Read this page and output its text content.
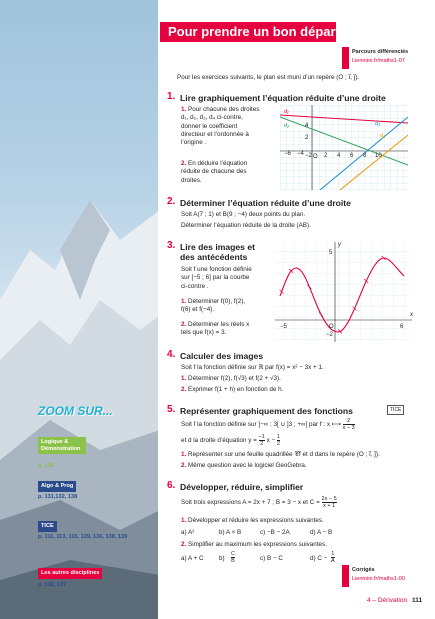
Pour prendre un bon départ
Parcours différenciés
Lienmini.fr/maths1-07
Pour les exercices suivants, le plan est muni d’un repère (O ; i⃗, j⃗).
1. Lire graphiquement l’équation réduite d’une droite
1. Pour chacune des droites
d₁, d₂, d₃, d₄ ci-contre,
donner le coefficient
directeur et l’ordonnée à
l’origine .
2. En déduire l’équation
réduite de chacune des
droites.
−6 −4 −2 O 2 4 6 8 10
4
2
d₁
d₂	d₃
d₄
2. Déterminer l’équation réduite d’une droite
Soit A(7 ; 1) et B(9 ; −4) deux points du plan.
Déterminer l’équation réduite de la droite (AB).
3. Lire des images et
des antécédents
Soit f une fonction définie
sur [−5 ; 6] par la courbe
ci-contre .
1. Déterminer f(0), f(2),
f(6) et f(−4).
2. Déterminer les réels x
tels que f(x) = 3.
−5	O	6
5
−2
x
y
4. Calculer des images
Soit f la fonction définie sur ℝ par f(x) = x² − 3x + 1.
1. Déterminer f(2), f(√3) et f(2 + √3).
2. Exprimer f(1 + h) en fonction de h.
TICE
5. Représenter graphiquement des fonctions
Soit f la fonction définie sur ]−∞ ; 3[ ∪ ]3 ; +∞[ par f : x ⟼ $\frac{2}{x - 3}$
et d la droite d’équation $y = \frac{-1}{2}$ $x - \frac{1}{2}$
1. Représenter sur une feuille quadrillée 𝒞f et d dans le repère (O ; i⃗, j⃗).
2. Même question avec le logiciel GeoGebra.
6. Développer, réduire, simplifier
Soit trois expressions A = 2x + 7 ; B = 3 − x et $C = \frac{2x - 5}{x + 1}$
1. Développer et réduire les expressions suivantes.
a) A²	b) A × B	c) −B − 2A	d) A − B
2. Simplifier au maximum les expressions suivantes.
a) A + C $b) \frac{C}{B}$	c) B − C	d) $C - \frac{1}{A}$
Corrigés
Lienmini.fr/maths1-00
ZOOM SUR...
Logique & Démonstration
p. 136
Algo & Prog
p. 131,132, 138
TICE
p. 111, 113, 115, 129, 136, 138, 139
Les autres disciplines
p. 132, 137
4 – Dérivation 111
